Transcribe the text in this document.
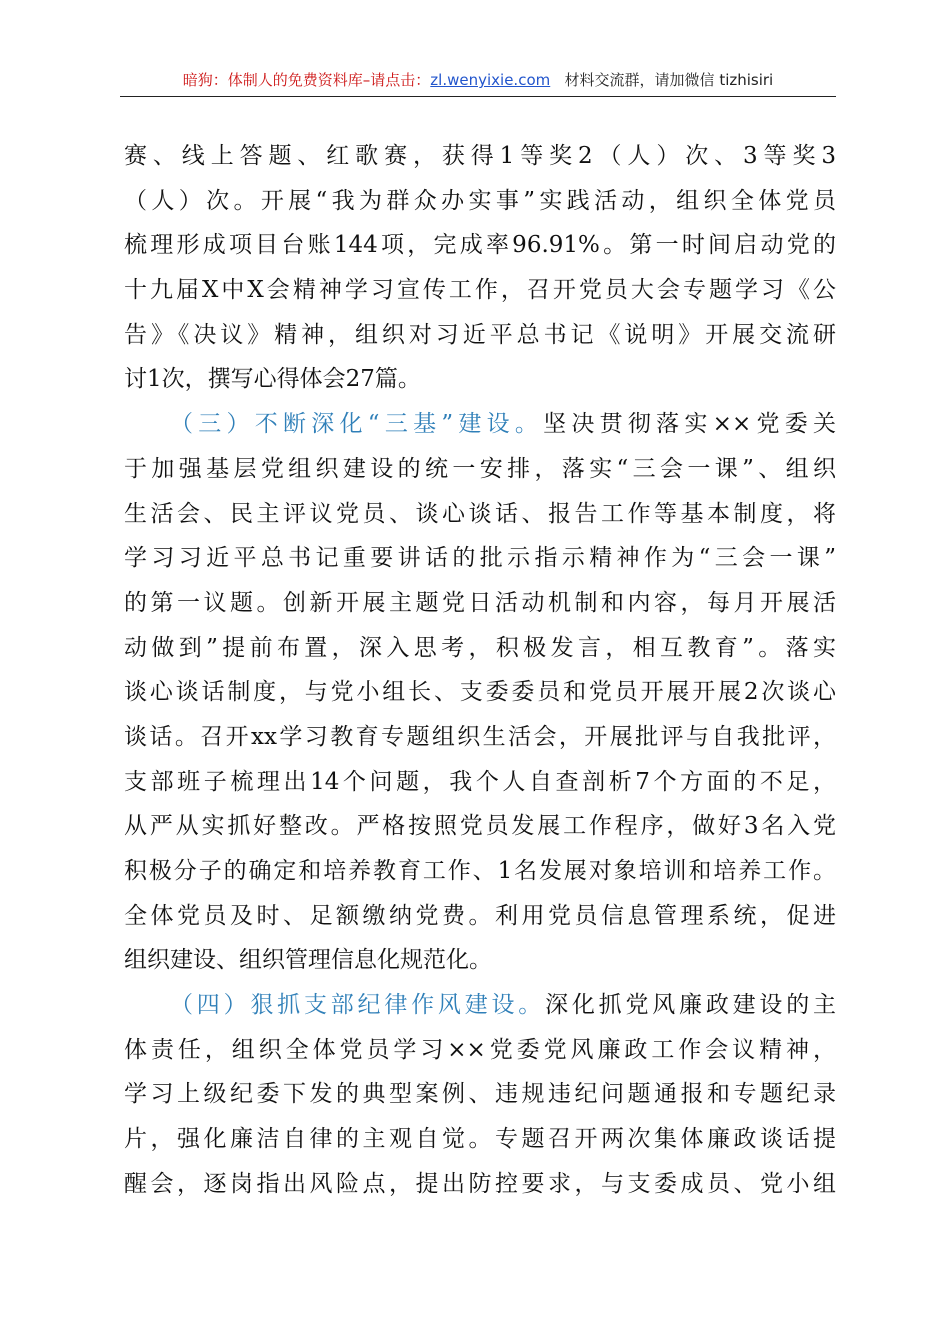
暗狗：体制人的免费资料库–请点击：zl.wenyixie.com 材料交流群，请加微信 tizhisiri
赛、线上答题、红歌赛，获得1等奖2（人）次、3等奖3
（人）次。开展“我为群众办实事”实践活动，组织全体党员
梳理形成项目台账144项，完成率96.91%。第一时间启动党的
十九届X中X会精神学习宣传工作，召开党员大会专题学习《公
告》《决议》精神，组织对习近平总书记《说明》开展交流研
讨1次，撰写心得体会27篇。
（三）不断深化“三基”建设。坚决贯彻落实××党委关
于加强基层党组织建设的统一安排，落实“三会一课”、组织
生活会、民主评议党员、谈心谈话、报告工作等基本制度，将
学习习近平总书记重要讲话的批示指示精神作为“三会一课”
的第一议题。创新开展主题党日活动机制和内容，每月开展活
动做到”提前布置，深入思考，积极发言，相互教育”。落实
谈心谈话制度，与党小组长、支委委员和党员开展开展2次谈心
谈话。召开xx学习教育专题组织生活会，开展批评与自我批评，
支部班子梳理出14个问题，我个人自查剖析7个方面的不足，
从严从实抓好整改。严格按照党员发展工作程序，做好3名入党
积极分子的确定和培养教育工作、1名发展对象培训和培养工作。
全体党员及时、足额缴纳党费。利用党员信息管理系统，促进
组织建设、组织管理信息化规范化。
（四）狠抓支部纪律作风建设。深化抓党风廉政建设的主
体责任，组织全体党员学习××党委党风廉政工作会议精神，
学习上级纪委下发的典型案例、违规违纪问题通报和专题纪录
片，强化廉洁自律的主观自觉。专题召开两次集体廉政谈话提
醒会，逐岗指出风险点，提出防控要求，与支委成员、党小组
